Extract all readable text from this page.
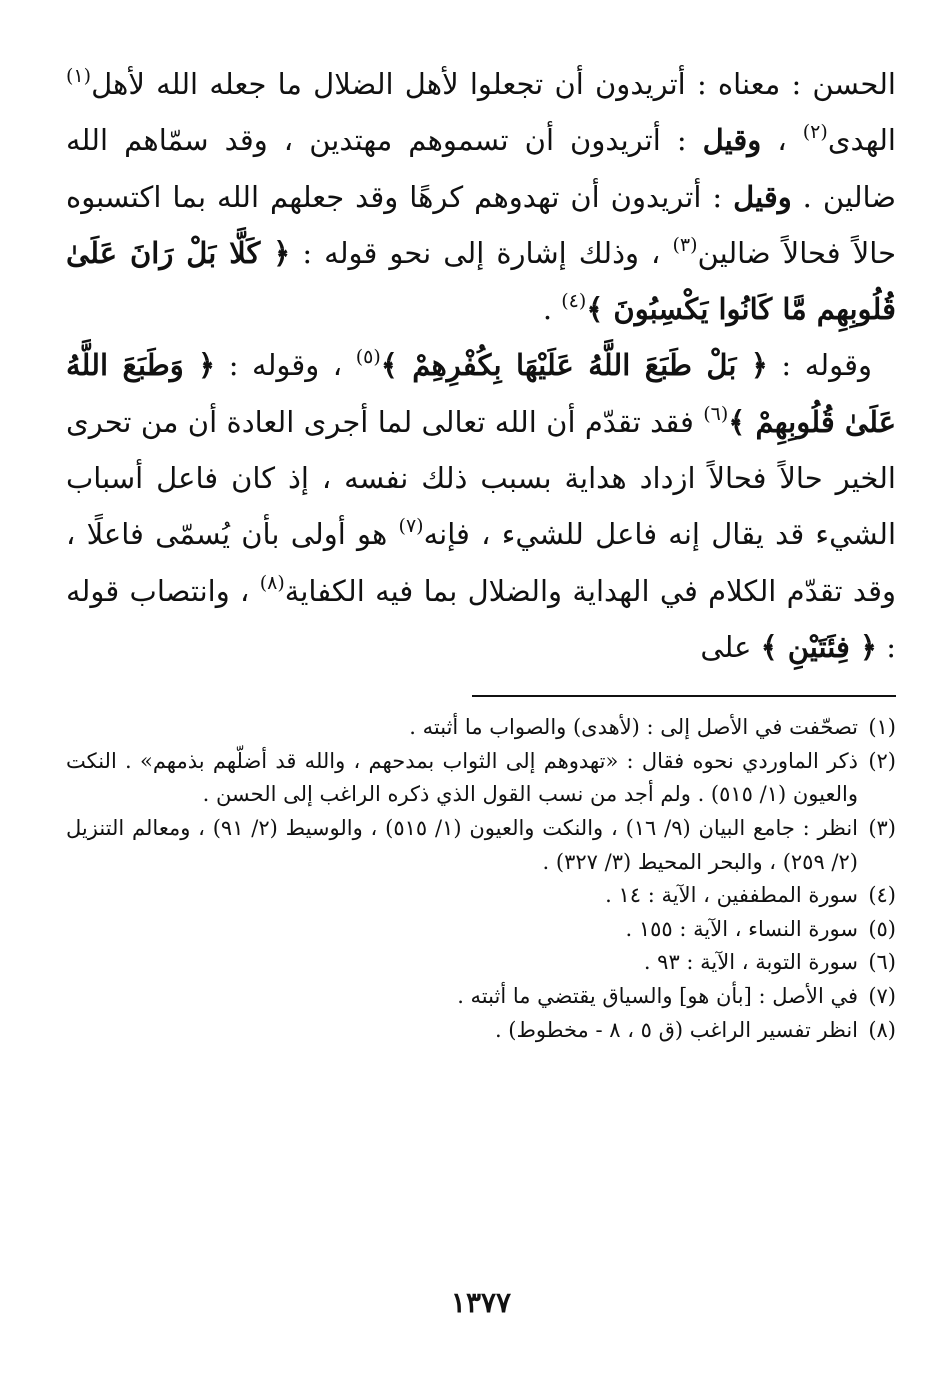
الحسن : معناه : أتريدون أن تجعلوا لأهل الضلال ما جعله الله لأهل$^{(١)}$ الهدى$^{(٢)}$ ، وقيل : أتريدون أن تسموهم مهتدين ، وقد سمّاهم الله ضالين . وقيل : أتريدون أن تهدوهم كرهًا وقد جعلهم الله بما اكتسبوه حالاً فحالاً ضالين$^{(٣)}$ ، وذلك إشارة إلى نحو قوله : ﴿ كَلَّا بَلْ رَانَ عَلَىٰ قُلُوبِهِم مَّا كَانُوا يَكْسِبُونَ ﴾$^{(٤)}$ .

وقوله : ﴿ بَلْ طَبَعَ اللَّهُ عَلَيْهَا بِكُفْرِهِمْ ﴾$^{(٥)}$ ، وقوله : ﴿ وَطَبَعَ اللَّهُ عَلَىٰ قُلُوبِهِمْ ﴾$^{(٦)}$ فقد تقدّم أن الله تعالى لما أجرى العادة أن من تحرى الخير حالاً فحالاً ازداد هداية بسبب ذلك نفسه ، إذ كان فاعل أسباب الشيء قد يقال إنه فاعل للشيء ، فإنه$^{(٧)}$ هو أولى بأن يُسمّى فاعلًا ، وقد تقدّم الكلام في الهداية والضلال بما فيه الكفاية$^{(٨)}$ ، وانتصاب قوله : ﴿ فِئَتَيْنِ ﴾ على

(١)
تصحّفت في الأصل إلى : (لأهدى) والصواب ما أثبته .
(٢)
ذكر الماوردي نحوه فقال : «تهدوهم إلى الثواب بمدحهم ، والله قد أضلّهم بذمهم» . النكت والعيون (١/ ٥١٥) . ولم أجد من نسب القول الذي ذكره الراغب إلى الحسن .
(٣)
انظر : جامع البيان (٩/ ١٦) ، والنكت والعيون (١/ ٥١٥) ، والوسيط (٢/ ٩١) ، ومعالم التنزيل (٢/ ٢٥٩) ، والبحر المحيط (٣/ ٣٢٧) .
(٤)
سورة المطففين ، الآية : ١٤ .
(٥)
سورة النساء ، الآية : ١٥٥ .
(٦)
سورة التوبة ، الآية : ٩٣ .
(٧)
في الأصل : [بأن هو] والسياق يقتضي ما أثبته .
(٨)
انظر تفسير الراغب (ق ٥ ، ٨ - مخطوط) .
١٣٧٧
